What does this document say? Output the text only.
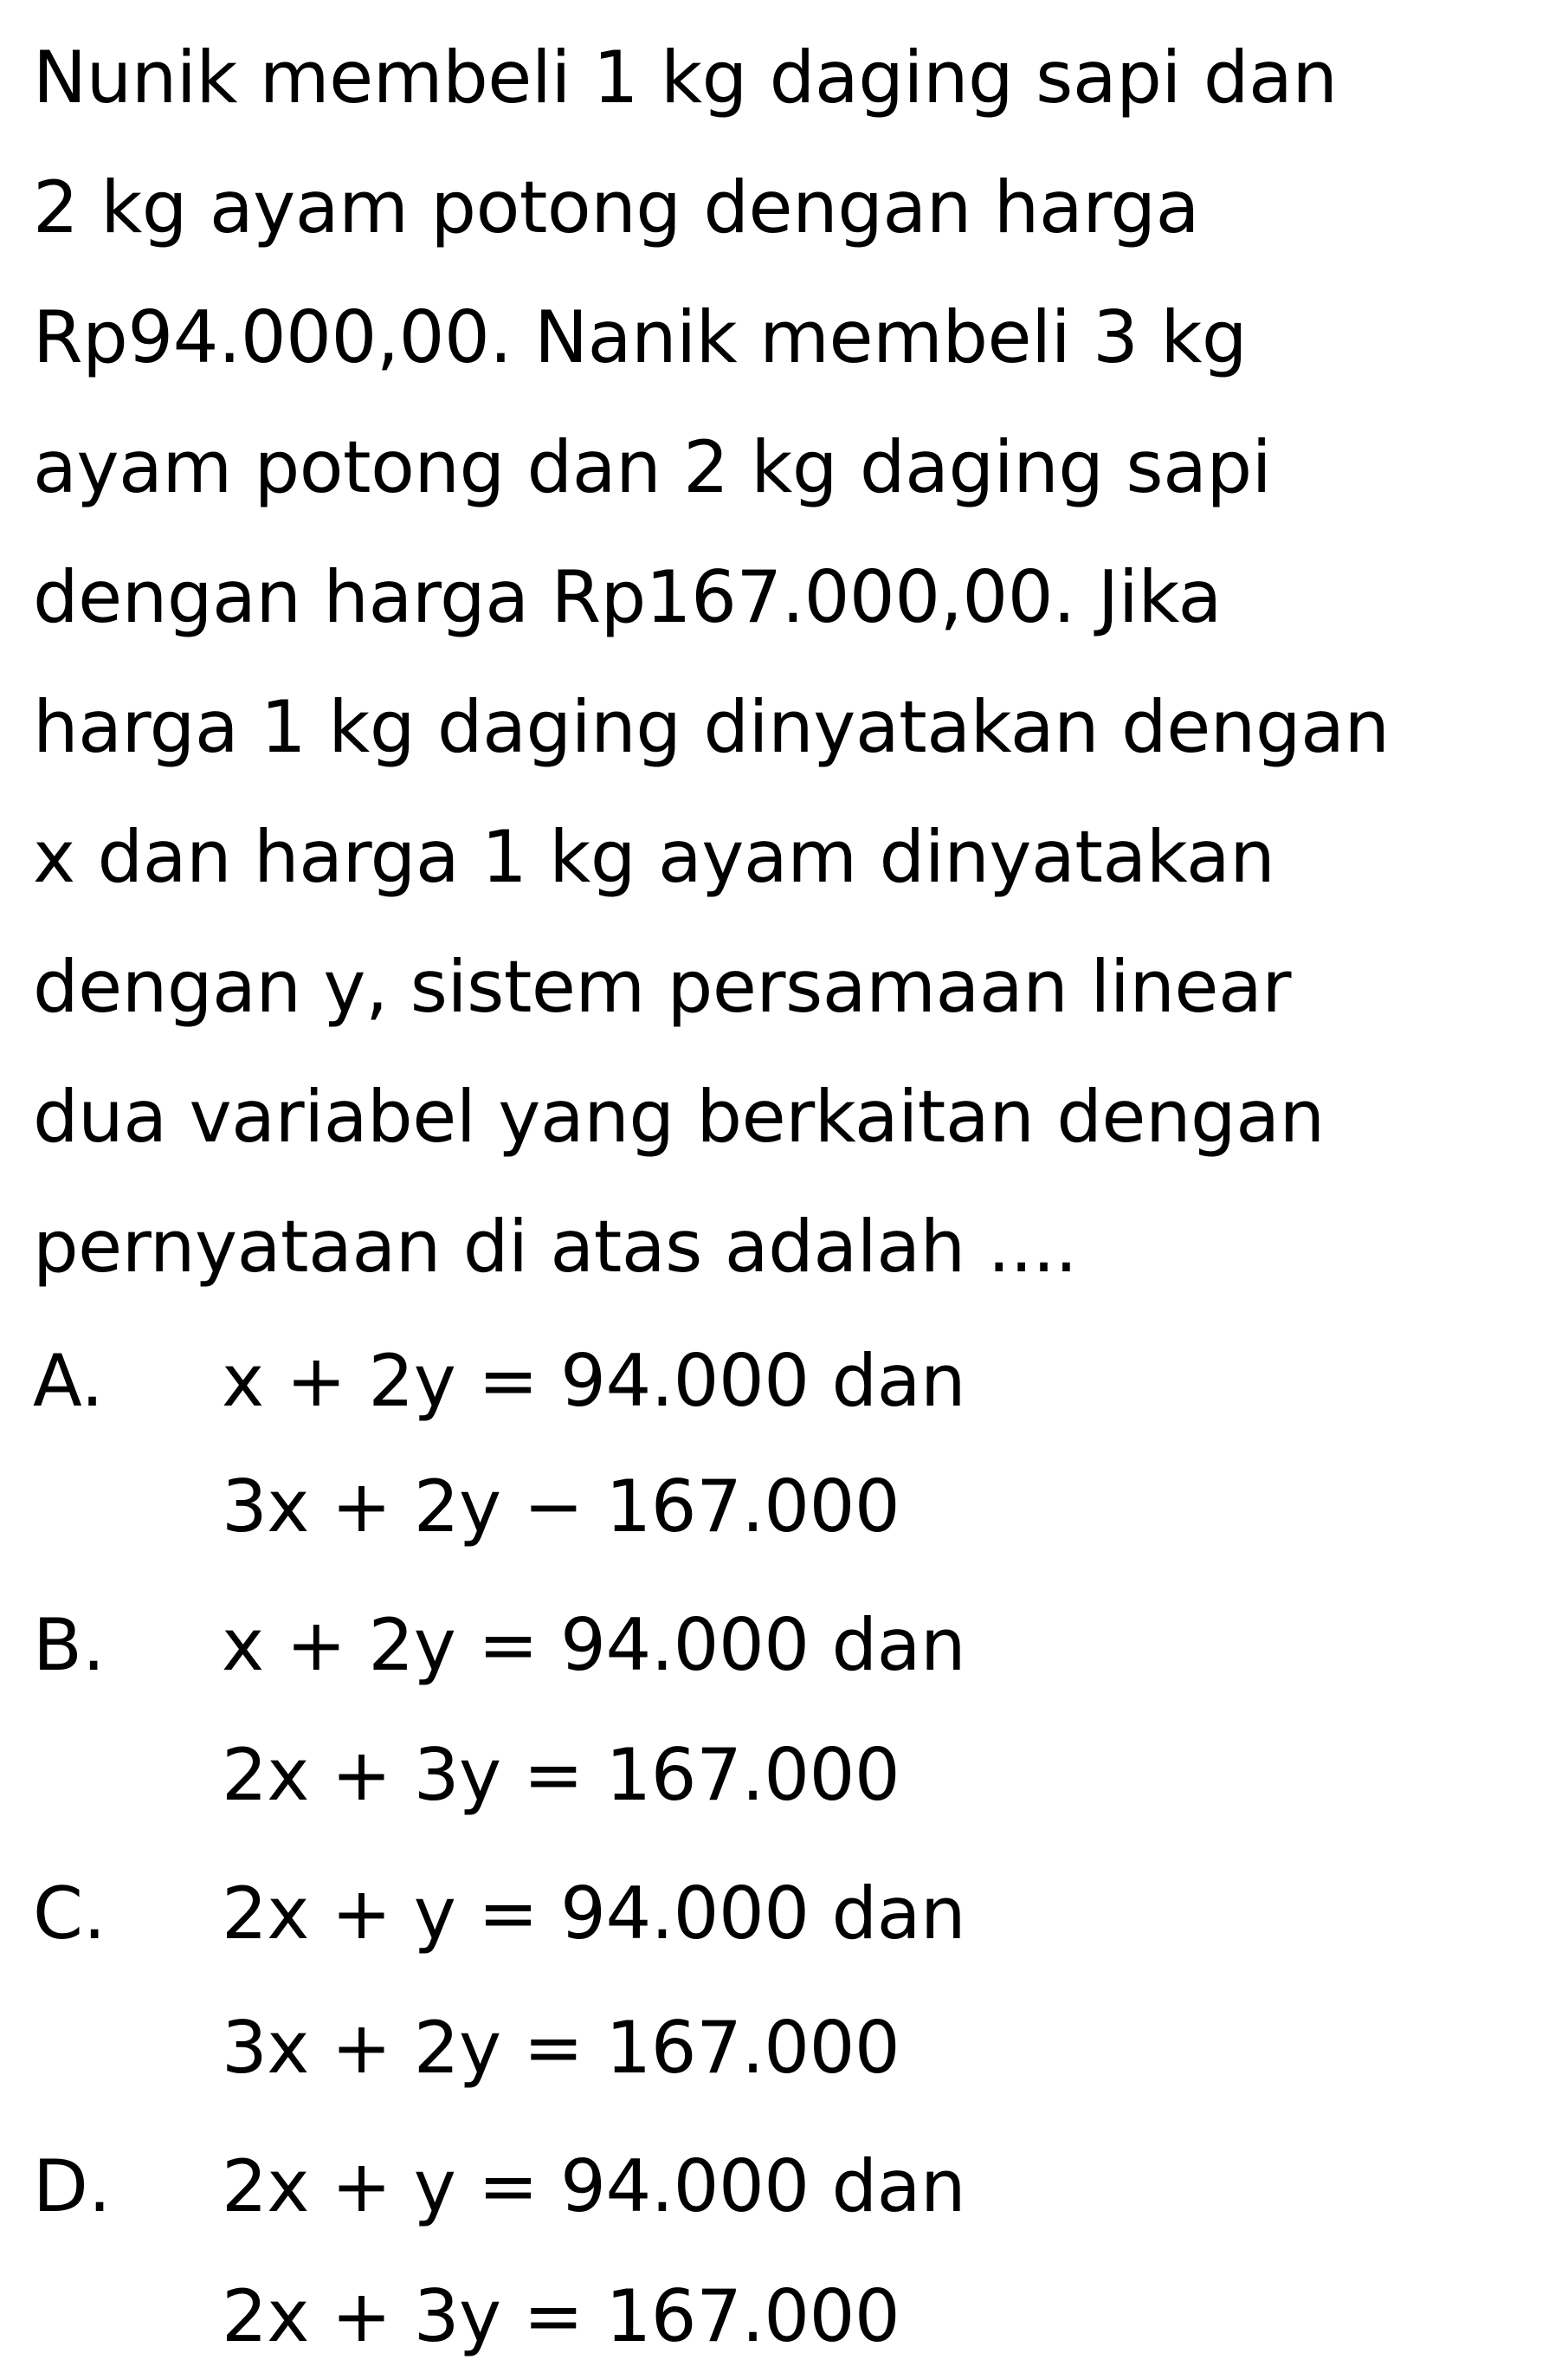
Nunik membeli 1 kg daging sapi dan
2 kg ayam potong dengan harga
Rp94.000,00. Nanik membeli 3 kg
ayam potong dan 2 kg daging sapi
dengan harga Rp167.000,00. Jika
harga 1 kg daging dinyatakan dengan
x dan harga 1 kg ayam dinyatakan
dengan y, sistem persamaan linear
dua variabel yang berkaitan dengan
pernyataan di atas adalah ....
A. x + 2y = 94.000 dan
3x + 2y − 167.000
B. x + 2y = 94.000 dan
2x + 3y = 167.000
C. 2x + y = 94.000 dan
3x + 2y = 167.000
D. 2x + y = 94.000 dan
2x + 3y = 167.000
